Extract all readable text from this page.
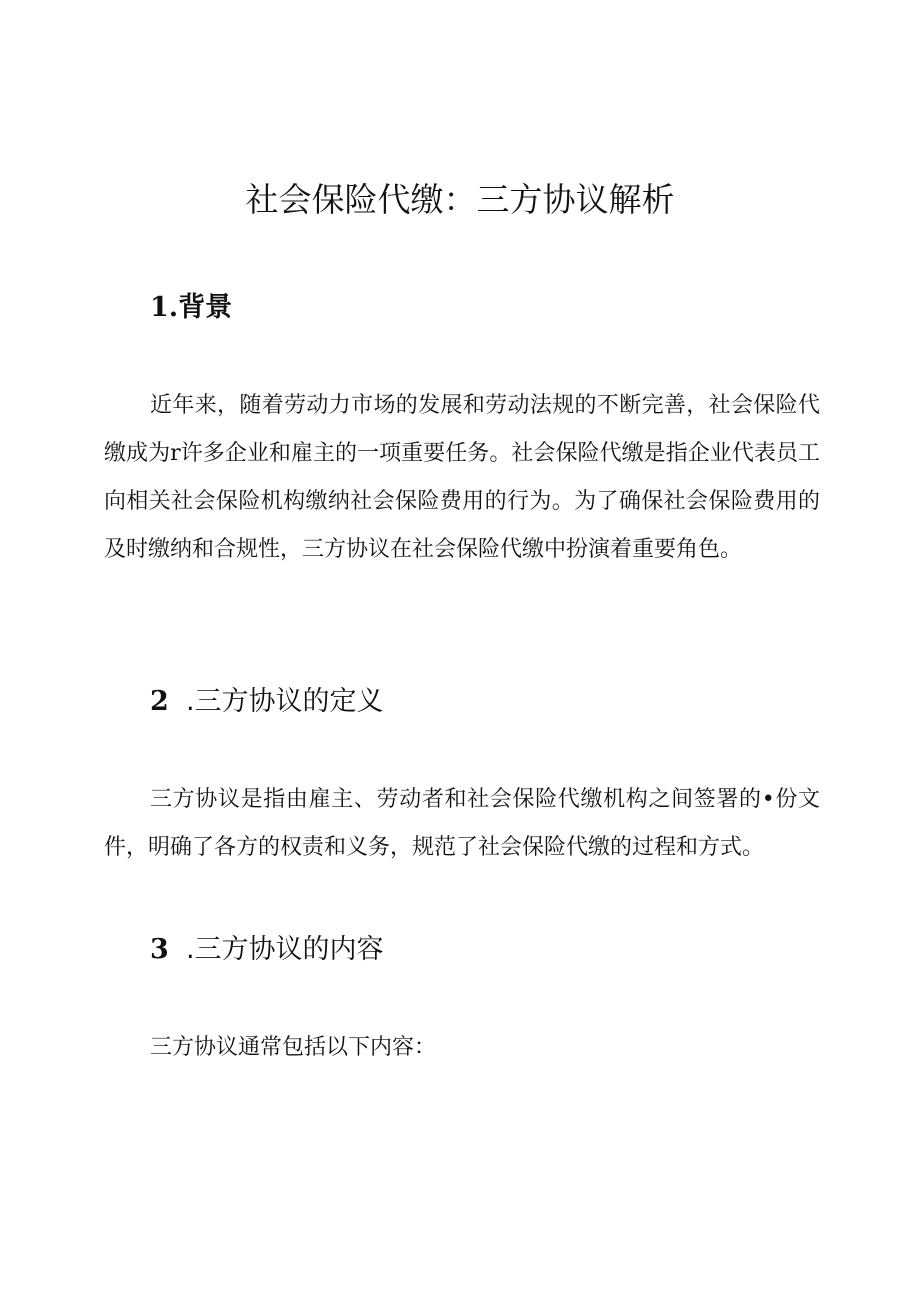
社会保险代缴：三方协议解析
1.背景

近年来，随着劳动力市场的发展和劳动法规的不断完善，社会保险代缴成为r许多企业和雇主的一项重要任务。社会保险代缴是指企业代表员工向相关社会保险机构缴纳社会保险费用的行为。为了确保社会保险费用的及时缴纳和合规性，三方协议在社会保险代缴中扮演着重要角色。

2 .三方协议的定义

三方协议是指由雇主、劳动者和社会保险代缴机构之间签署的•份文件，明确了各方的权责和义务，规范了社会保险代缴的过程和方式。

3 .三方协议的内容

三方协议通常包括以下内容：
